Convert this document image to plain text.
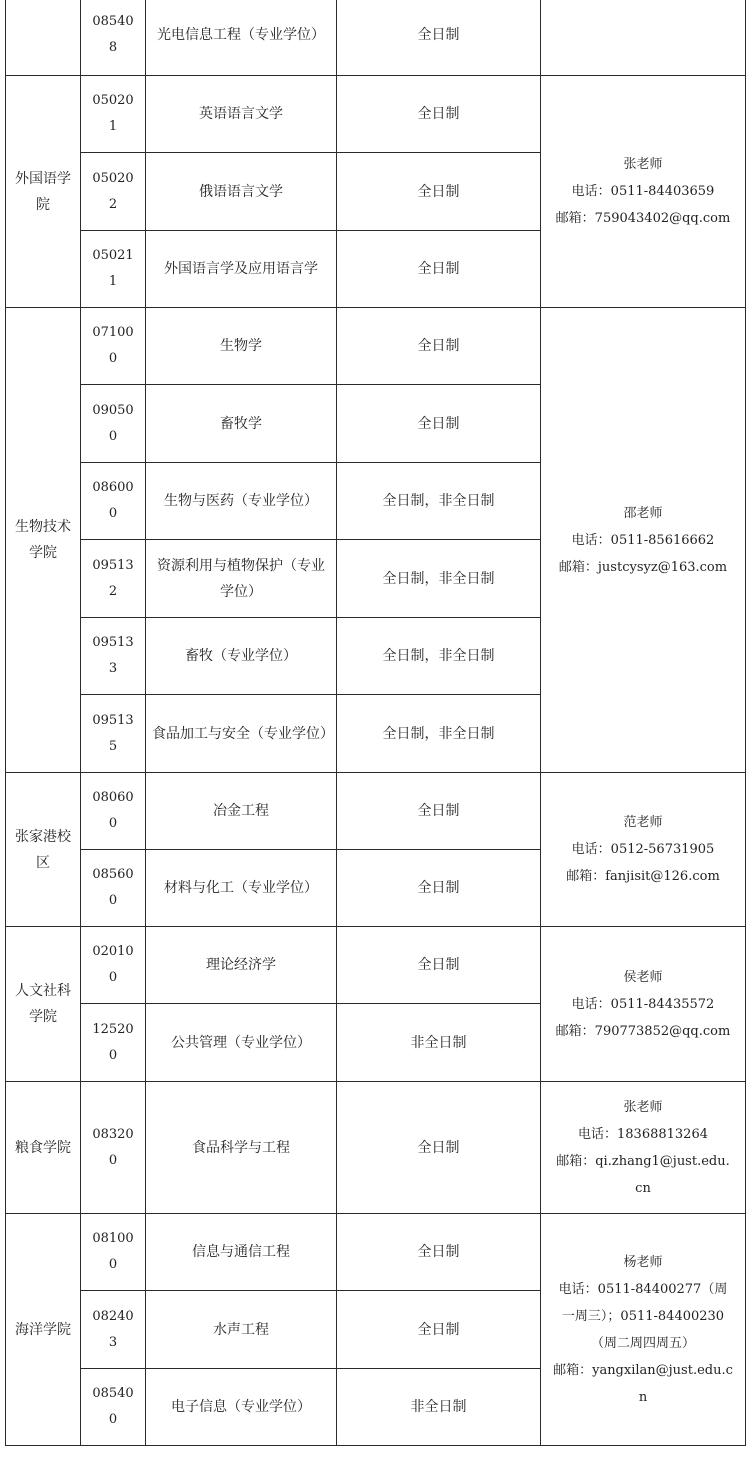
	085408	光电信息工程（专业学位）	全日制	
外国语学院	050201	英语语言文学	全日制	张老师
电话：0511-84403659
邮箱：759043402@qq.com

	050202	俄语语言文学	全日制	
	050211	外国语言学及应用语言学	全日制	
生物技术学院	071000	生物学	全日制	邵老师
电话：0511-85616662
邮箱：justcysyz@163.com

	090500	畜牧学	全日制	
	086000	生物与医药（专业学位）	全日制，非全日制	
	095132	资源利用与植物保护（专业学位）	全日制，非全日制	
	095133	畜牧（专业学位）	全日制，非全日制	
	095135	食品加工与安全（专业学位）	全日制，非全日制	
张家港校区	080600	冶金工程	全日制	范老师
电话：0512-56731905
邮箱：fanjisit@126.com

	085600	材料与化工（专业学位）	全日制	
人文社科学院	020100	理论经济学	全日制	侯老师
电话：0511-84435572
邮箱：790773852@qq.com

	125200	公共管理（专业学位）	非全日制	
粮食学院	083200	食品科学与工程	全日制	张老师
电话：18368813264
邮箱：qi.zhang1@just.edu.cn

海洋学院	081000	信息与通信工程	全日制	杨老师
电话：0511-84400277（周一周三）；0511-84400230（周二周四周五）
邮箱：yangxilan@just.edu.cn

	082403	水声工程	全日制	
	085400	电子信息（专业学位）	非全日制	
